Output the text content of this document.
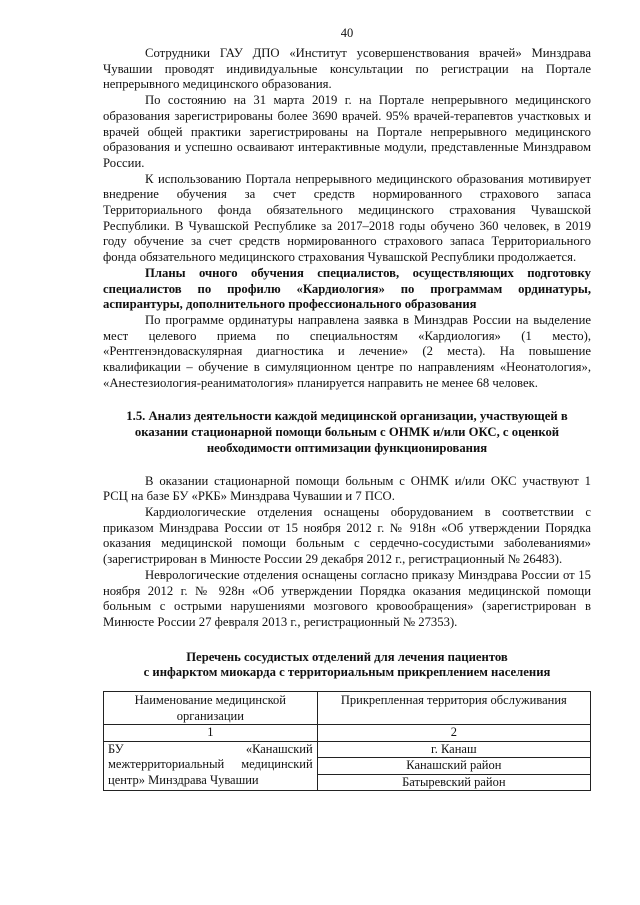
40

Сотрудники ГАУ ДПО «Институт усовершенствования врачей» Минздрава Чувашии проводят индивидуальные консультации по регистрации на Портале непрерывного медицинского образования.

По состоянию на 31 марта 2019 г. на Портале непрерывного медицинского образования зарегистрированы более 3690 врачей. 95% врачей-терапевтов участковых и врачей общей практики зарегистрированы на Портале непрерывного медицинского образования и успешно осваивают интерактивные модули, представленные Минздравом России.

К использованию Портала непрерывного медицинского образования мотивирует внедрение обучения за счет средств нормированного страхового запаса Территориального фонда обязательного медицинского страхования Чувашской Республики. В Чувашской Республике за 2017–2018 годы обучено 360 человек, в 2019 году обучение за счет средств нормированного страхового запаса Территориального фонда обязательного медицинского страхования Чувашской Республики продолжается.

Планы очного обучения специалистов, осуществляющих подготовку специалистов по профилю «Кардиология» по программам ординатуры, аспирантуры, дополнительного профессионального образования

По программе ординатуры направлена заявка в Минздрав России на выделение мест целевого приема по специальностям «Кардиология» (1 место), «Рентгенэндоваскулярная диагностика и лечение» (2 места). На повышение квалификации – обучение в симуляционном центре по направлениям «Неонатология», «Анестезиология-реаниматология» планируется направить не менее 68 человек.

1.5. Анализ деятельности каждой медицинской организации, участвующей в оказании стационарной помощи больным с ОНМК и/или ОКС, с оценкой необходимости оптимизации функционирования

В оказании стационарной помощи больным с ОНМК и/или ОКС участвуют 1 РСЦ на базе БУ «РКБ» Минздрава Чувашии и 7 ПСО.

Кардиологические отделения оснащены оборудованием в соответствии с приказом Минздрава России от 15 ноября 2012 г. № 918н «Об утверждении Порядка оказания медицинской помощи больным с сердечно-сосудистыми заболеваниями» (зарегистрирован в Минюсте России 29 декабря 2012 г., регистрационный № 26483).

Неврологические отделения оснащены согласно приказу Минздрава России от 15 ноября 2012 г. № 928н «Об утверждении Порядка оказания медицинской помощи больным с острыми нарушениями мозгового кровообращения» (зарегистрирован в Минюсте России 27 февраля 2013 г., регистрационный № 27353).

Перечень сосудистых отделений для лечения пациентов
с инфарктом миокарда с территориальным прикреплением населения
Наименование медицинской организации	Прикрепленная территория обслуживания
1	2
БУ «Канашский межтерриториальный медицинский центр» Минздрава Чувашии	г. Канаш
	Канашский район
	Батыревский район
